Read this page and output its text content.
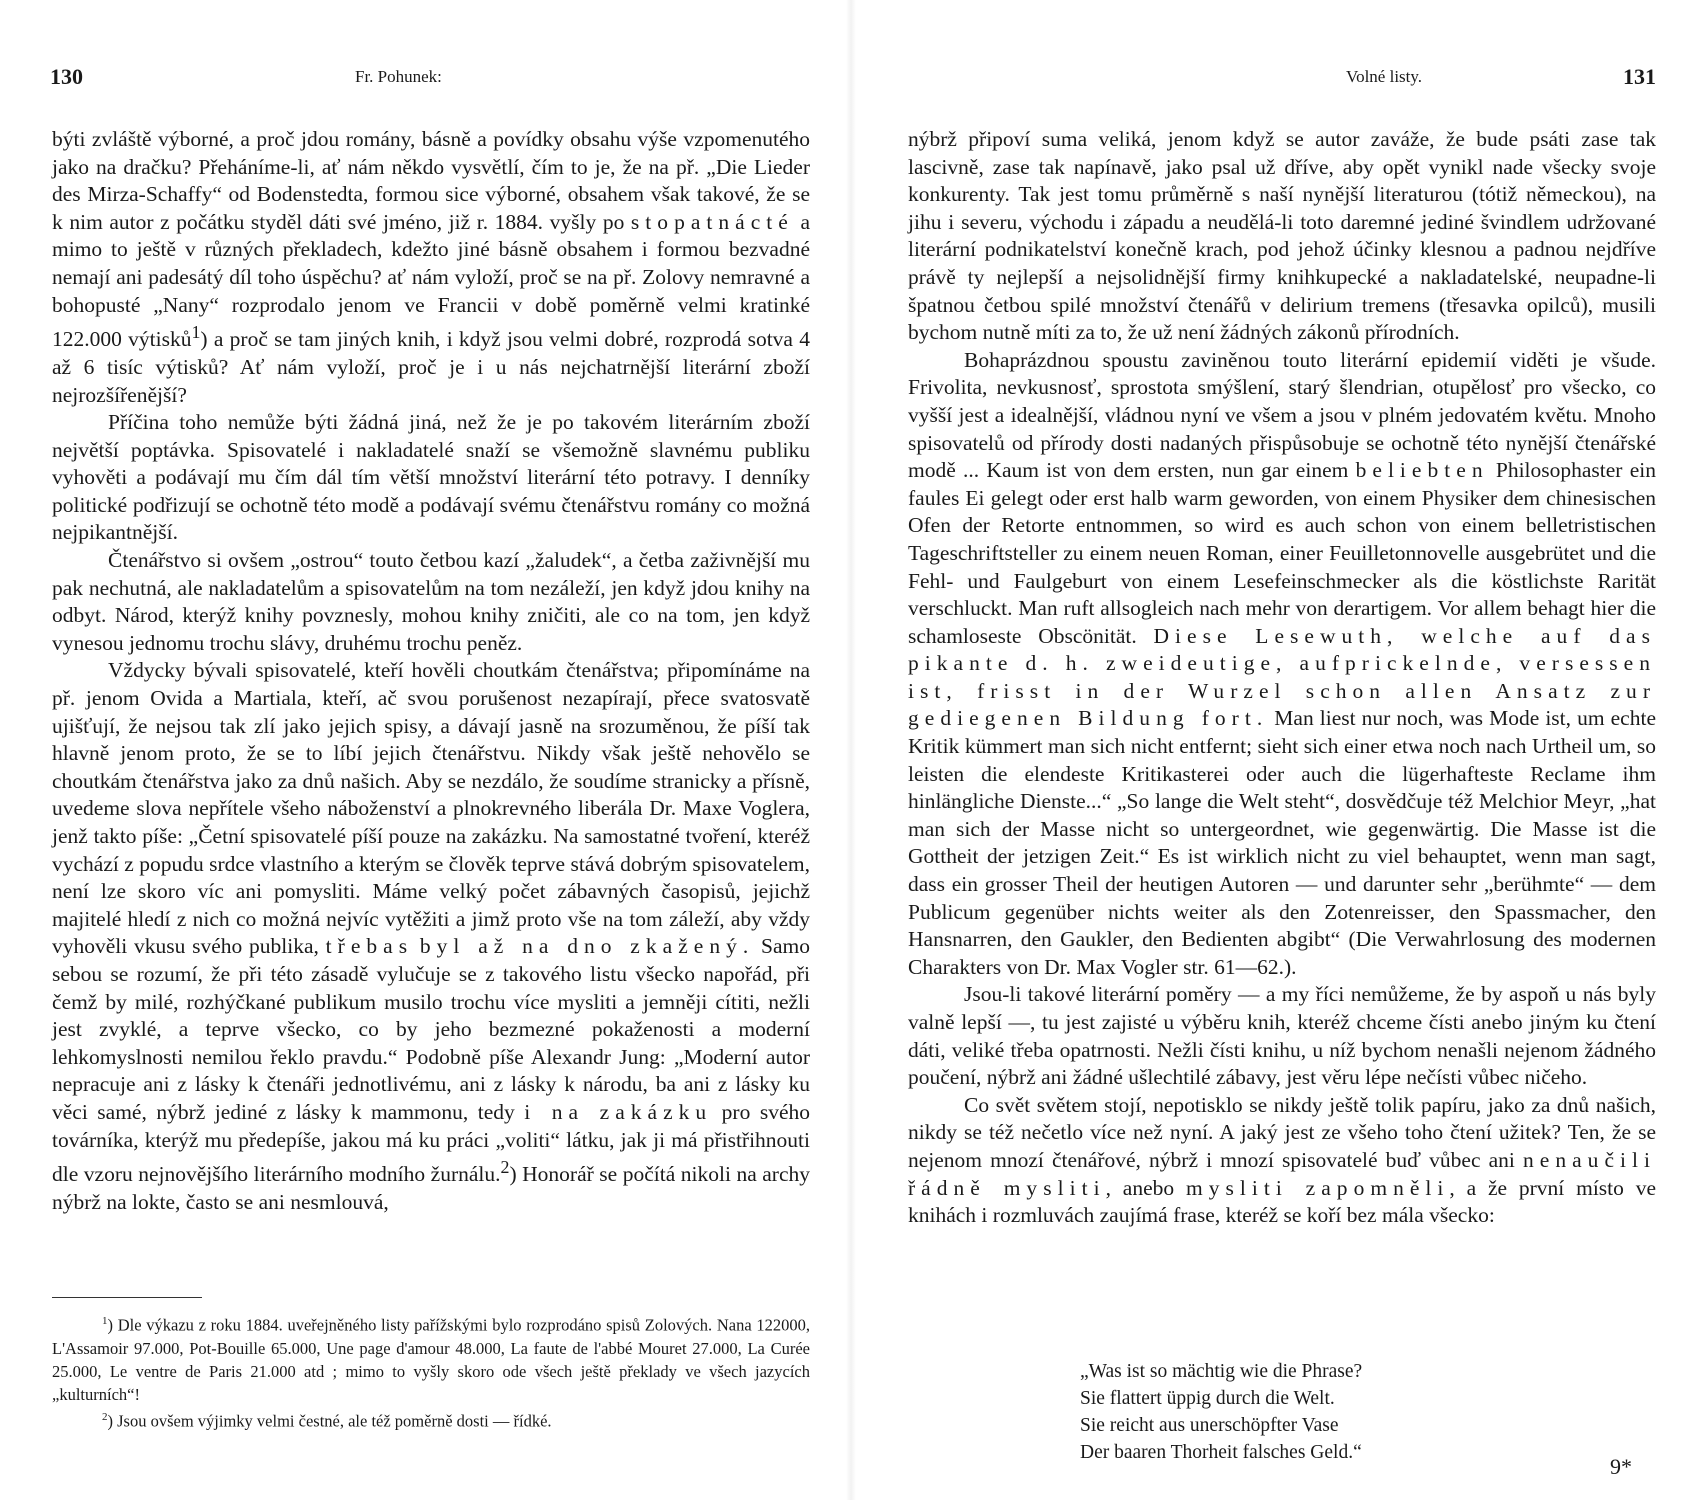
130	Fr. Pohunek:

býti zvláště výborné, a proč jdou romány, básně a povídky obsahu výše vzpomenutého jako na dračku? Přeháníme-li, ať nám někdo vysvětlí, čím to je, že na př. „Die Lieder des Mirza-Schaffy“ od Bodenstedta, formou sice výborné, obsahem však takové, že se k nim autor z počátku styděl dáti své jméno, již r. 1884. vyšly po stopatnácté a mimo to ještě v různých překladech, kdežto jiné básně obsahem i formou bezvadné nemají ani padesátý díl toho úspěchu? ať nám vyloží, proč se na př. Zolovy nemravné a bohopusté „Nany“ rozprodalo jenom ve Francii v době poměrně velmi kratinké 122.000 výtisků$^1$) a proč se tam jiných knih, i když jsou velmi dobré, rozprodá sotva 4 až 6 tisíc výtisků? Ať nám vyloží, proč je i u nás nejchatrnější literární zboží nejrozšířenější?

Příčina toho nemůže býti žádná jiná, než že je po takovém literárním zboží největší poptávka. Spisovatelé i nakladatelé snaží se všemožně slavnému publiku vyhověti a podávají mu čím dál tím větší množství literární této potravy. I denníky politické podřizují se ochotně této modě a podávají svému čtenářstvu romány co možná nejpikantnější.

Čtenářstvo si ovšem „ostrou“ touto četbou kazí „žaludek“, a četba zaživnější mu pak nechutná, ale nakladatelům a spisovatelům na tom nezáleží, jen když jdou knihy na odbyt. Národ, kterýž knihy povznesly, mohou knihy zničiti, ale co na tom, jen když vynesou jednomu trochu slávy, druhému trochu peněz.

Vždycky bývali spisovatelé, kteří hověli choutkám čtenářstva; připomínáme na př. jenom Ovida a Martiala, kteří, ač svou porušenost nezapírají, přece svatosvatě ujišťují, že nejsou tak zlí jako jejich spisy, a dávají jasně na srozuměnou, že píší tak hlavně jenom proto, že se to líbí jejich čtenářstvu. Nikdy však ještě nehovělo se choutkám čtenářstva jako za dnů našich. Aby se nezdálo, že soudíme stranicky a přísně, uvedeme slova nepřítele všeho náboženství a plnokrevného liberála Dr. Maxe Voglera, jenž takto píše: „Četní spisovatelé píší pouze na zakázku. Na samostatné tvoření, kteréž vychází z popudu srdce vlastního a kterým se člověk teprve stává dobrým spisovatelem, není lze skoro víc ani pomysliti. Máme velký počet zábavných časopisů, jejichž majitelé hledí z nich co možná nejvíc vytěžiti a jimž proto vše na tom záleží, aby vždy vyhověli vkusu svého publika, třebas byl až na dno zkažený. Samo sebou se rozumí, že při této zásadě vylučuje se z takového listu všecko napořád, při čemž by milé, rozhýčkané publikum musilo trochu více mysliti a jemněji cítiti, nežli jest zvyklé, a teprve všecko, co by jeho bezmezné pokaženosti a moderní lehkomyslnosti nemilou řeklo pravdu.“ Podobně píše Alexandr Jung: „Moderní autor nepracuje ani z lásky k čtenáři jednotlivému, ani z lásky k národu, ba ani z lásky ku věci samé, nýbrž jediné z lásky k mammonu, tedy i na zakázku pro svého továrníka, kterýž mu předepíše, jakou má ku práci „voliti“ látku, jak ji má přistřihnouti dle vzoru nejnovějšího literárního modního žurnálu.$^2$) Honorář se počítá nikoli na archy nýbrž na lokte, často se ani nesmlouvá,

$^1$) Dle výkazu z roku 1884. uveřejněného listy pařížskými bylo rozprodáno spisů Zolových. Nana 122000, L'Assamoir 97.000, Pot-Bouille 65.000, Une page d'amour 48.000, La faute de l'abbé Mouret 27.000, La Curée 25.000, Le ventre de Paris 21.000 atd ; mimo to vyšly skoro ode všech ještě překlady ve všech jazycích „kulturních“!

$^2$) Jsou ovšem výjimky velmi čestné, ale též poměrně dosti — řídké.

Volné listy.	131

nýbrž připoví suma veliká, jenom když se autor zaváže, že bude psáti zase tak lascivně, zase tak napínavě, jako psal už dříve, aby opět vynikl nade všecky svoje konkurenty. Tak jest tomu průměrně s naší nynější literaturou (tótiž německou), na jihu i severu, východu i západu a neudělá-li toto daremné jediné švindlem udržované literární podnikatelství konečně krach, pod jehož účinky klesnou a padnou nejdříve právě ty nejlepší a nejsolidnější firmy knihkupecké a nakladatelské, neupadne-li špatnou četbou spilé množství čtenářů v delirium tremens (třesavka opilců), musili bychom nutně míti za to, že už není žádných zákonů přírodních.

Bohaprázdnou spoustu zaviněnou touto literární epidemií viděti je všude. Frivolita, nevkusnosť, sprostota smýšlení, starý šlendrian, otupělosť pro všecko, co vyšší jest a idealnější, vládnou nyní ve všem a jsou v plném jedovatém květu. Mnoho spisovatelů od přírody dosti nadaných přispůsobuje se ochotně této nynější čtenářské modě ... Kaum ist von dem ersten, nun gar einem beliebten Philosophaster ein faules Ei gelegt oder erst halb warm geworden, von einem Physiker dem chinesischen Ofen der Retorte entnommen, so wird es auch schon von einem belletristischen Tageschriftsteller zu einem neuen Roman, einer Feuilletonnovelle ausgebrütet und die Fehl- und Faulgeburt von einem Lesefeinschmecker als die köstlichste Rarität verschluckt. Man ruft allsogleich nach mehr von derartigem. Vor allem behagt hier die schamloseste Obscönität. Diese Lesewuth, welche auf das pikante d. h. zweideutige, aufprickelnde, versessen ist, frisst in der Wurzel schon allen Ansatz zur gediegenen Bildung fort. Man liest nur noch, was Mode ist, um echte Kritik kümmert man sich nicht entfernt; sieht sich einer etwa noch nach Urtheil um, so leisten die elendeste Kritikasterei oder auch die lügerhafteste Reclame ihm hinlängliche Dienste...“ „So lange die Welt steht“, dosvědčuje též Melchior Meyr, „hat man sich der Masse nicht so untergeordnet, wie gegenwärtig. Die Masse ist die Gottheit der jetzigen Zeit.“ Es ist wirklich nicht zu viel behauptet, wenn man sagt, dass ein grosser Theil der heutigen Autoren — und darunter sehr „berühmte“ — dem Publicum gegenüber nichts weiter als den Zotenreisser, den Spassmacher, den Hansnarren, den Gaukler, den Bedienten abgibt“ (Die Verwahrlosung des modernen Charakters von Dr. Max Vogler str. 61—62.).

Jsou-li takové literární poměry — a my říci nemůžeme, že by aspoň u nás byly valně lepší —, tu jest zajisté u výběru knih, kteréž chceme čísti anebo jiným ku čtení dáti, veliké třeba opatrnosti. Nežli čísti knihu, u níž bychom nenašli nejenom žádného poučení, nýbrž ani žádné ušlechtilé zábavy, jest věru lépe nečísti vůbec ničeho.

Co svět světem stojí, nepotisklo se nikdy ještě tolik papíru, jako za dnů našich, nikdy se též nečetlo více než nyní. A jaký jest ze všeho toho čtení užitek? Ten, že se nejenom mnozí čtenářové, nýbrž i mnozí spisovatelé buď vůbec ani nenaučili řádně mysliti, anebo mysliti zapomněli, a že první místo ve knihách i rozmluvách zaujímá frase, kteréž se koří bez mála všecko:

„Was ist so mächtig wie die Phrase?
Sie flattert üppig durch die Welt.
Sie reicht aus unerschöpfter Vase
Der baaren Thorheit falsches Geld.“
9*
